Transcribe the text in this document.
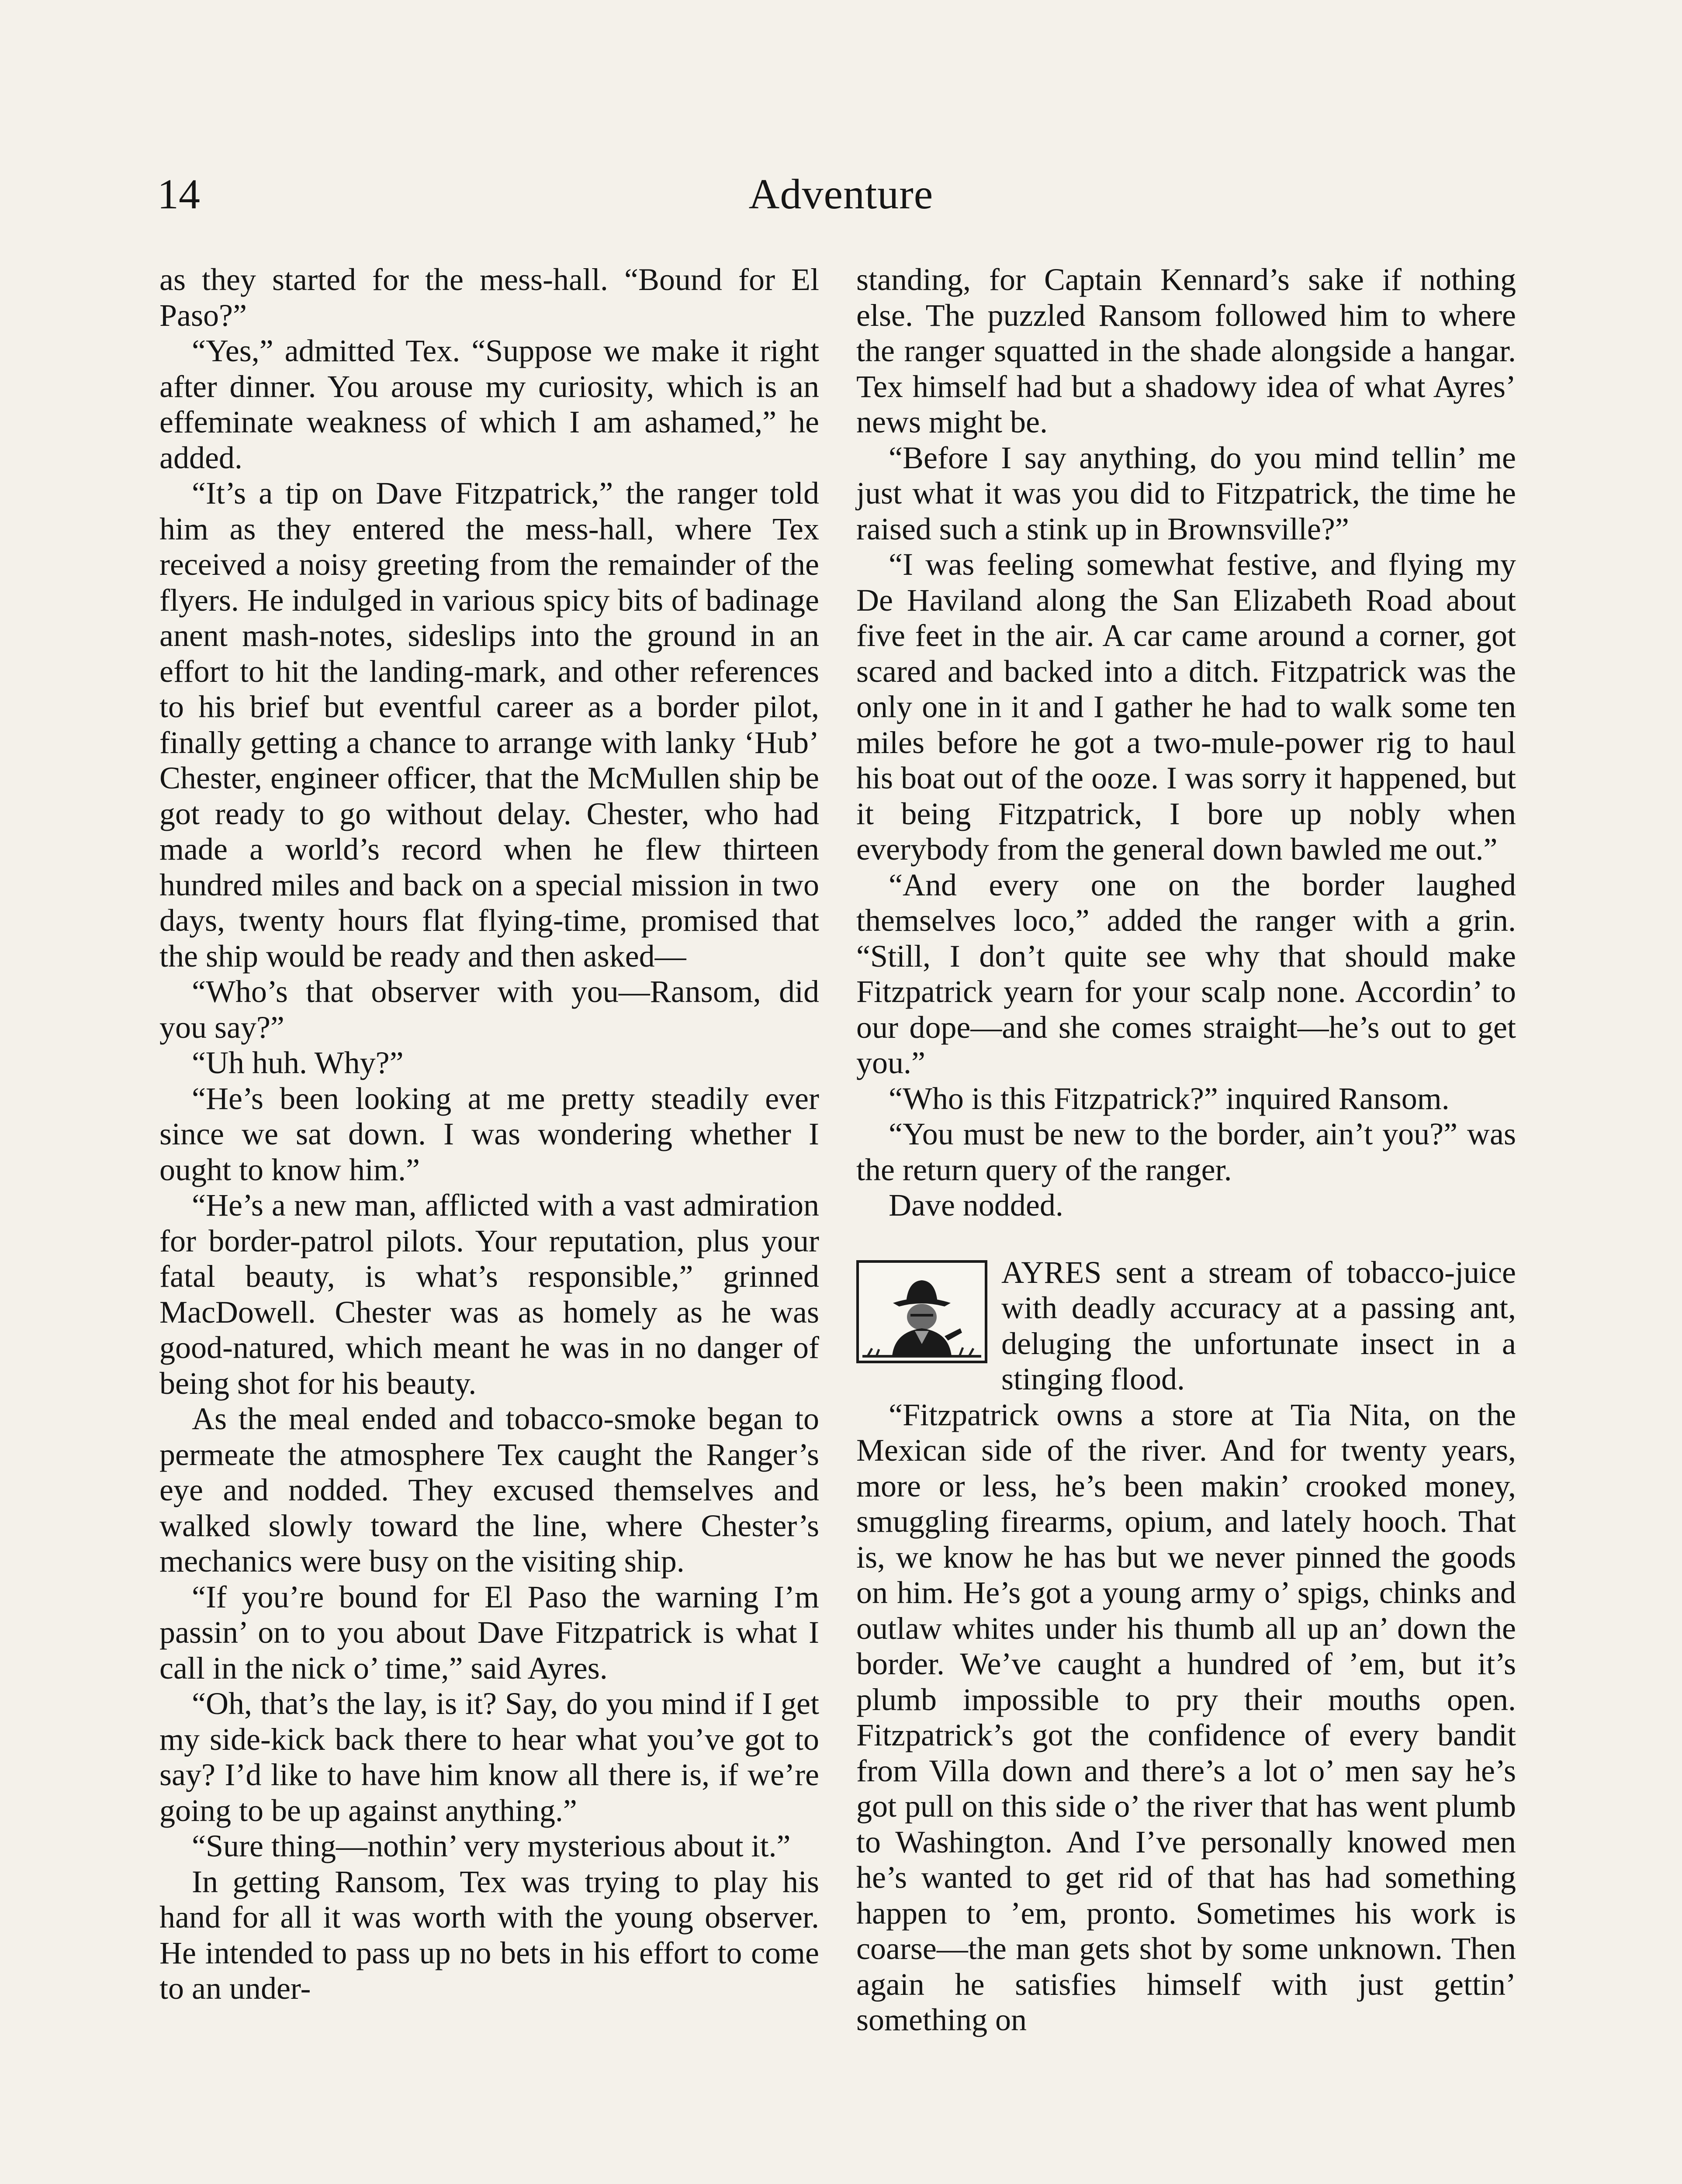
14	Adventure

as they started for the mess-hall. “Bound for El Paso?”

“Yes,” admitted Tex. “Suppose we make it right after dinner. You arouse my curiosity, which is an effeminate weakness of which I am ashamed,” he added.

“It’s a tip on Dave Fitzpatrick,” the ranger told him as they entered the mess-hall, where Tex received a noisy greeting from the remainder of the flyers. He indulged in various spicy bits of badinage anent mash-notes, sideslips into the ground in an effort to hit the landing-mark, and other references to his brief but eventful career as a border pilot, finally getting a chance to arrange with lanky ‘Hub’ Chester, engineer officer, that the McMullen ship be got ready to go without delay. Chester, who had made a world’s record when he flew thirteen hundred miles and back on a special mission in two days, twenty hours flat flying-time, promised that the ship would be ready and then asked—

“Who’s that observer with you—Ransom, did you say?”

“Uh huh. Why?”

“He’s been looking at me pretty steadily ever since we sat down. I was wondering whether I ought to know him.”

“He’s a new man, afflicted with a vast admiration for border-patrol pilots. Your reputation, plus your fatal beauty, is what’s responsible,” grinned MacDowell. Chester was as homely as he was good-natured, which meant he was in no danger of being shot for his beauty.

As the meal ended and tobacco-smoke began to permeate the atmosphere Tex caught the Ranger’s eye and nodded. They excused themselves and walked slowly toward the line, where Chester’s mechanics were busy on the visiting ship.

“If you’re bound for El Paso the warning I’m passin’ on to you about Dave Fitzpatrick is what I call in the nick o’ time,” said Ayres.

“Oh, that’s the lay, is it? Say, do you mind if I get my side-kick back there to hear what you’ve got to say? I’d like to have him know all there is, if we’re going to be up against anything.”

“Sure thing—nothin’ very mysterious about it.”

In getting Ransom, Tex was trying to play his hand for all it was worth with the young observer. He intended to pass up no bets in his effort to come to an under-

standing, for Captain Kennard’s sake if nothing else. The puzzled Ransom followed him to where the ranger squatted in the shade alongside a hangar. Tex himself had but a shadowy idea of what Ayres’ news might be.

“Before I say anything, do you mind tellin’ me just what it was you did to Fitzpatrick, the time he raised such a stink up in Brownsville?”

“I was feeling somewhat festive, and flying my De Haviland along the San Elizabeth Road about five feet in the air. A car came around a corner, got scared and backed into a ditch. Fitzpatrick was the only one in it and I gather he had to walk some ten miles before he got a two-mule-power rig to haul his boat out of the ooze. I was sorry it happened, but it being Fitzpatrick, I bore up nobly when everybody from the general down bawled me out.”

“And every one on the border laughed themselves loco,” added the ranger with a grin. “Still, I don’t quite see why that should make Fitzpatrick yearn for your scalp none. Accordin’ to our dope—and she comes straight—he’s out to get you.”

“Who is this Fitzpatrick?” inquired Ransom.

“You must be new to the border, ain’t you?” was the return query of the ranger.

Dave nodded.

AYRES sent a stream of tobacco-juice with deadly accuracy at a passing ant, deluging the unfortunate insect in a stinging flood.

“Fitzpatrick owns a store at Tia Nita, on the Mexican side of the river. And for twenty years, more or less, he’s been makin’ crooked money, smuggling firearms, opium, and lately hooch. That is, we know he has but we never pinned the goods on him. He’s got a young army o’ spigs, chinks and outlaw whites under his thumb all up an’ down the border. We’ve caught a hundred of ’em, but it’s plumb impossible to pry their mouths open. Fitzpatrick’s got the confidence of every bandit from Villa down and there’s a lot o’ men say he’s got pull on this side o’ the river that has went plumb to Washington. And I’ve personally knowed men he’s wanted to get rid of that has had something happen to ’em, pronto. Sometimes his work is coarse—the man gets shot by some unknown. Then again he satisfies himself with just gettin’ something on
